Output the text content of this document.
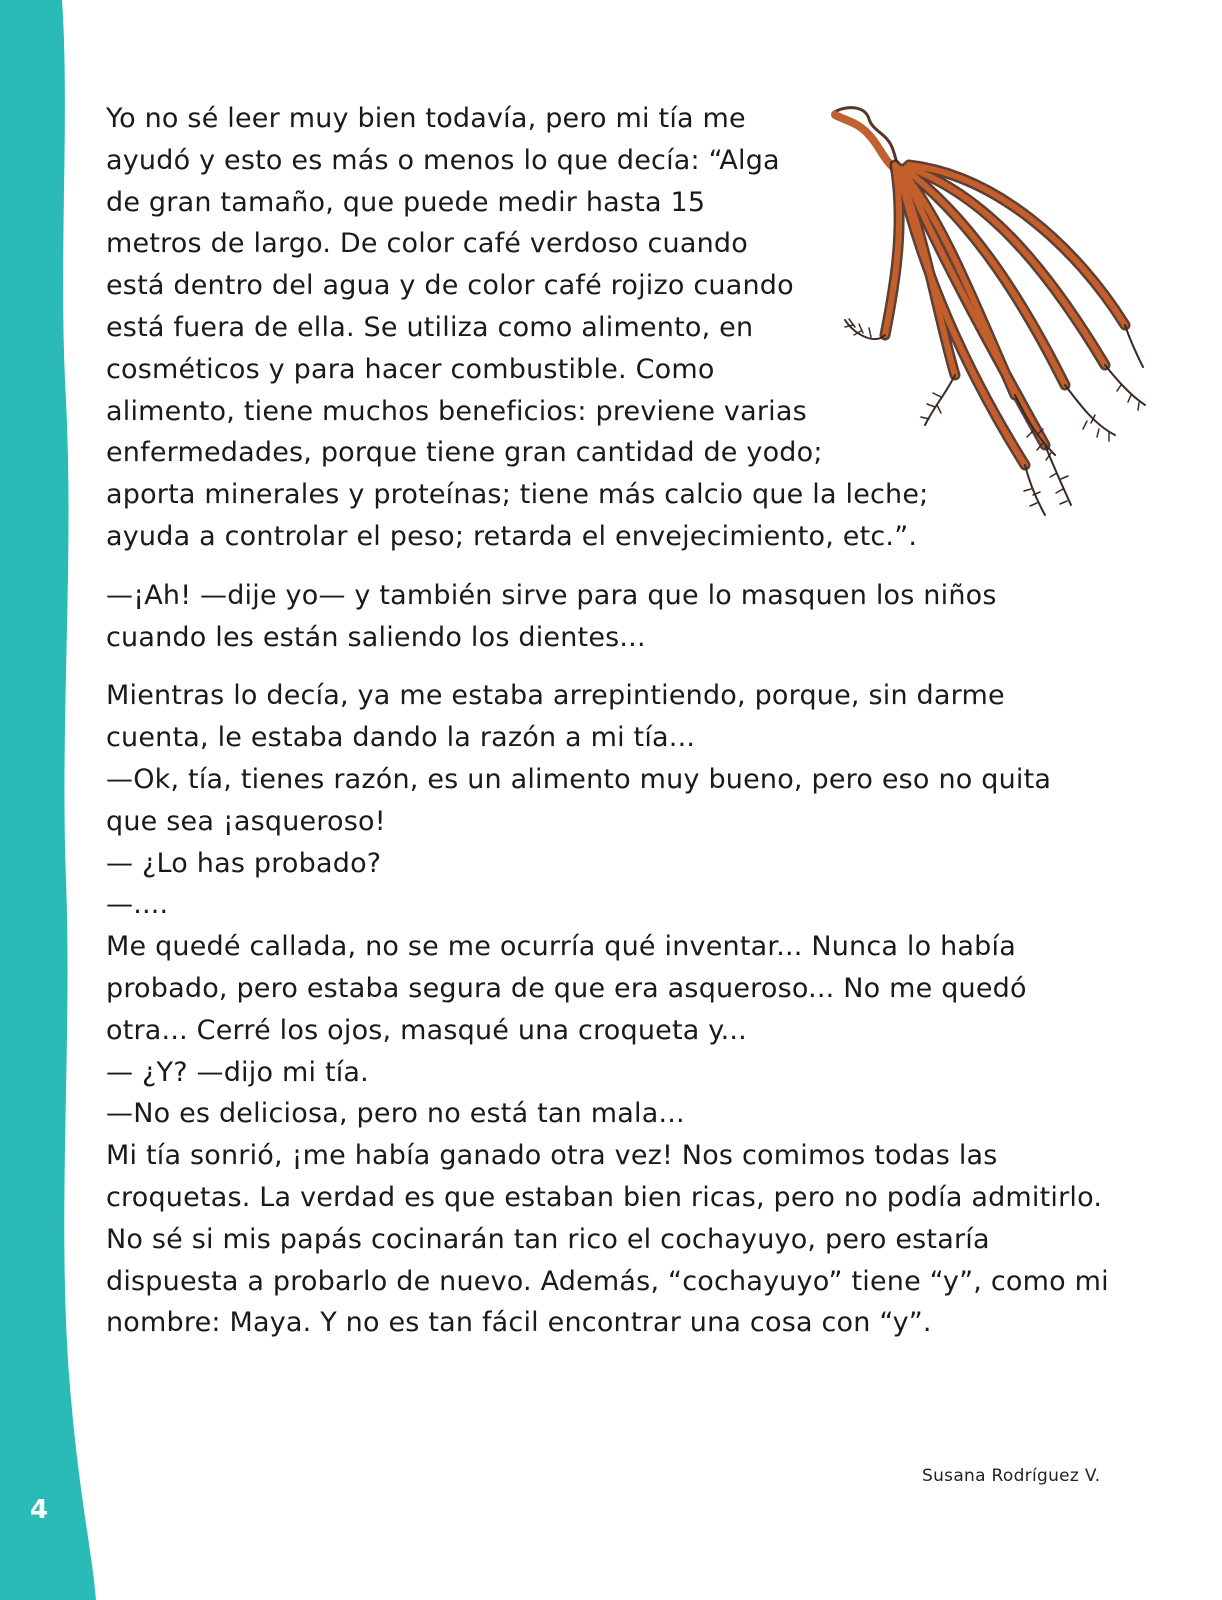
4
Yo no sé leer muy bien todavía, pero mi tía me
ayudó y esto es más o menos lo que decía: “Alga
de gran tamaño, que puede medir hasta 15
metros de largo. De color café verdoso cuando
está dentro del agua y de color café rojizo cuando
está fuera de ella. Se utiliza como alimento, en
cosméticos y para hacer combustible. Como
alimento, tiene muchos beneficios: previene varias
enfermedades, porque tiene gran cantidad de yodo;
aporta minerales y proteínas; tiene más calcio que la leche;
ayuda a controlar el peso; retarda el envejecimiento, etc.”.
—¡Ah! —dije yo— y también sirve para que lo masquen los niños
cuando les están saliendo los dientes...
Mientras lo decía, ya me estaba arrepintiendo, porque, sin darme
cuenta, le estaba dando la razón a mi tía...
—Ok, tía, tienes razón, es un alimento muy bueno, pero eso no quita
que sea ¡asqueroso!
— ¿Lo has probado?
—....
Me quedé callada, no se me ocurría qué inventar... Nunca lo había
probado, pero estaba segura de que era asqueroso... No me quedó
otra... Cerré los ojos, masqué una croqueta y...
— ¿Y? —dijo mi tía.
—No es deliciosa, pero no está tan mala...
Mi tía sonrió, ¡me había ganado otra vez! Nos comimos todas las
croquetas. La verdad es que estaban bien ricas, pero no podía admitirlo.
No sé si mis papás cocinarán tan rico el cochayuyo, pero estaría
dispuesta a probarlo de nuevo. Además, “cochayuyo” tiene “y”, como mi
nombre: Maya. Y no es tan fácil encontrar una cosa con “y”.
Susana Rodríguez V.
